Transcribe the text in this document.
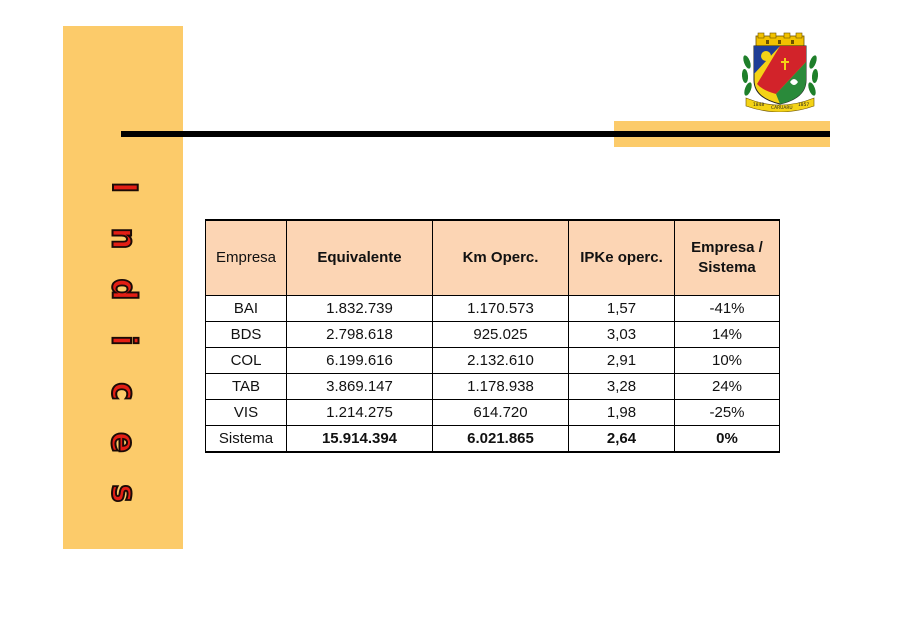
I
n
d
i
c
e
s
1848
CARUARU
1857
Empresa	Equivalente	Km Operc.	IPKe operc.	Empresa /
Sistema
BAI	1.832.739	1.170.573	1,57	-41%
BDS	2.798.618	925.025	3,03	14%
COL	6.199.616	2.132.610	2,91	10%
TAB	3.869.147	1.178.938	3,28	24%
VIS	1.214.275	614.720	1,98	-25%
Sistema	15.914.394	6.021.865	2,64	0%
